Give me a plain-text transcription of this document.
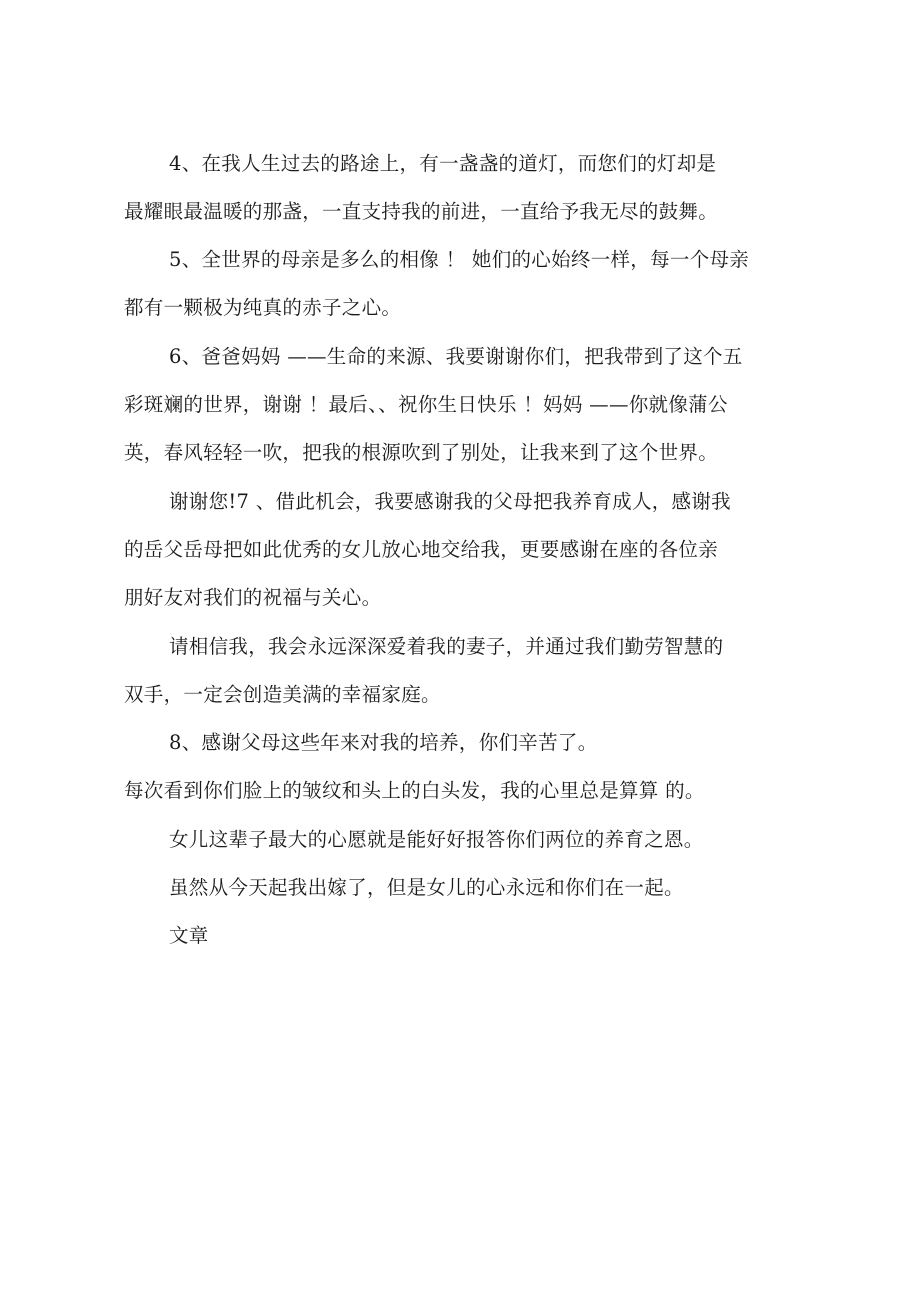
4、在我人生过去的路途上，有一盏盏的道灯，而您们的灯却是
最耀眼最温暖的那盏，一直支持我的前进，一直给予我无尽的鼓舞。
5、全世界的母亲是多么的相像 ！ 她们的心始终一样，每一个母亲
都有一颗极为纯真的赤子之心。
6、爸爸妈妈 ——生命的来源、我要谢谢你们，把我带到了这个五
彩斑斓的世界，谢谢 ！最后、、祝你生日快乐 ！妈妈 ——你就像蒲公
英，春风轻轻一吹，把我的根源吹到了别处，让我来到了这个世界。
谢谢您!7 、借此机会，我要感谢我的父母把我养育成人，感谢我
的岳父岳母把如此优秀的女儿放心地交给我，更要感谢在座的各位亲
朋好友对我们的祝福与关心。
请相信我，我会永远深深爱着我的妻子，并通过我们勤劳智慧的
双手，一定会创造美满的幸福家庭。
8、感谢父母这些年来对我的培养，你们辛苦了。
每次看到你们脸上的皱纹和头上的白头发，我的心里总是算算 的。
女儿这辈子最大的心愿就是能好好报答你们两位的养育之恩。
虽然从今天起我出嫁了，但是女儿的心永远和你们在一起。
文章
